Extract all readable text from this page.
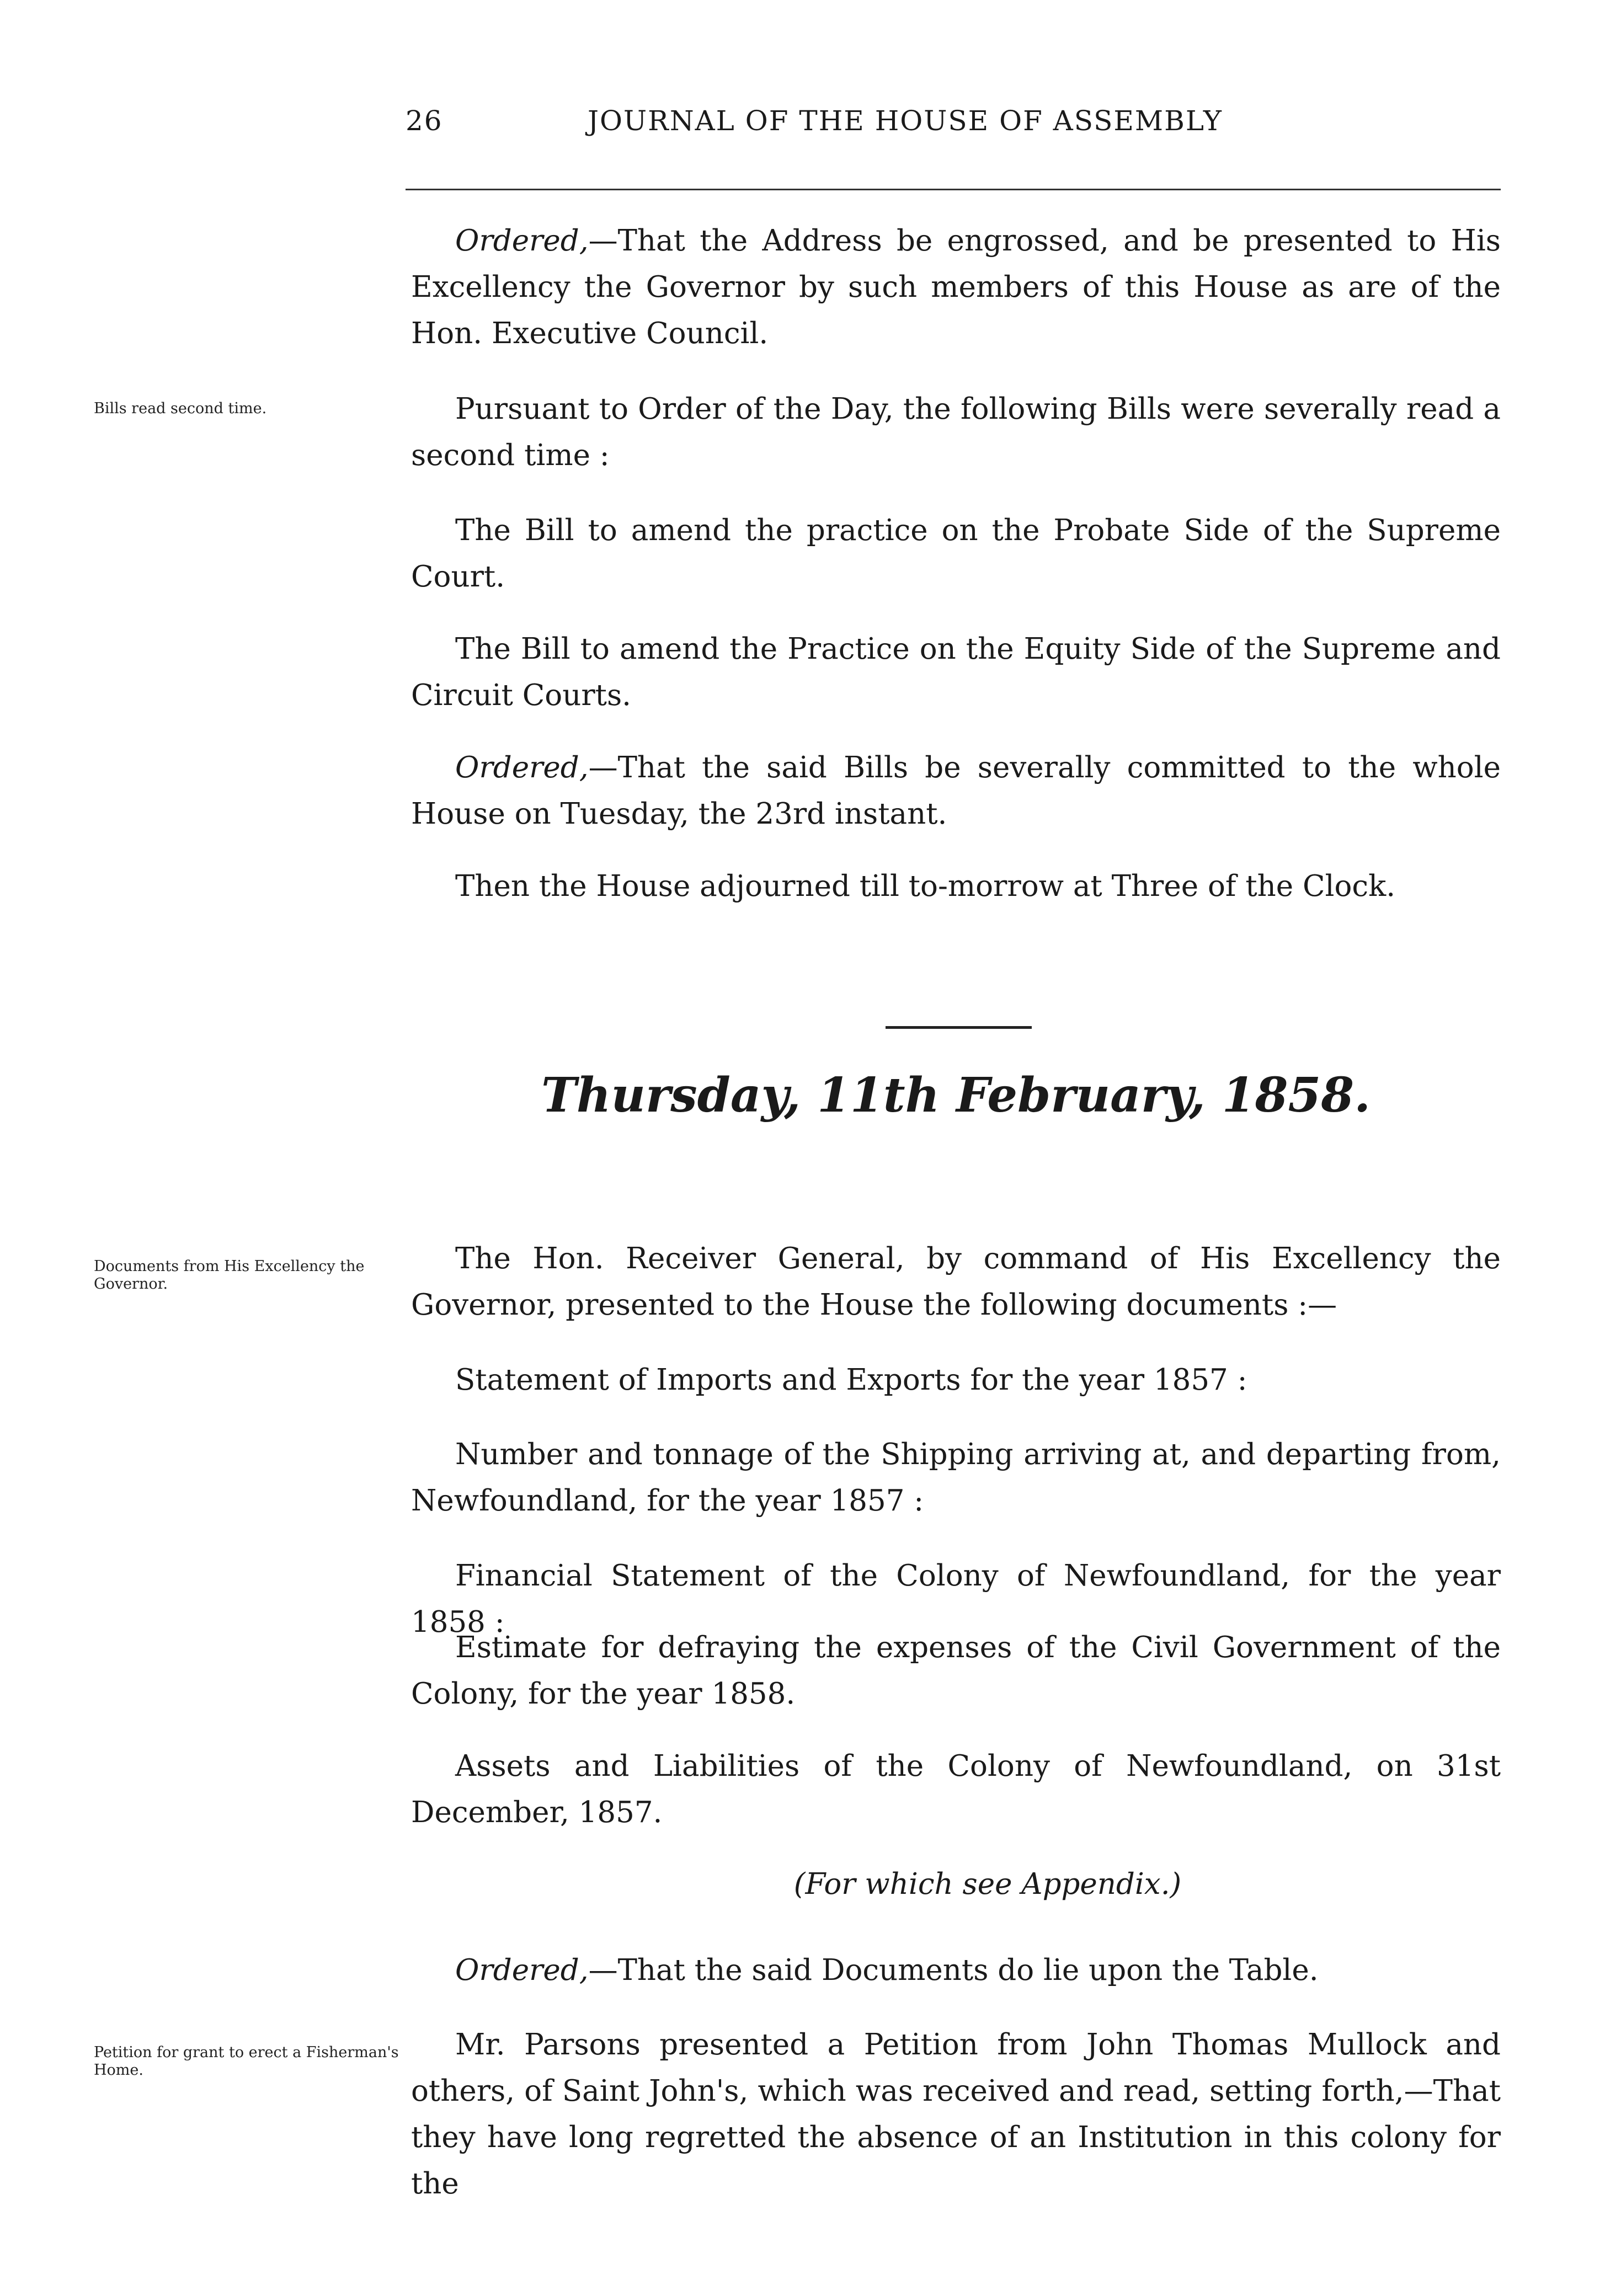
26	JOURNAL OF THE HOUSE OF ASSEMBLY
Ordered,—That the Address be engrossed, and be presented to His Excellency the Governor by such members of this House as are of the Hon. Executive Council.
Bills read second time.	Pursuant to Order of the Day, the following Bills were severally read a second time :
The Bill to amend the practice on the Probate Side of the Supreme Court.
The Bill to amend the Practice on the Equity Side of the Supreme and Circuit Courts.
Ordered,—That the said Bills be severally committed to the whole House on Tuesday, the 23rd instant.
Then the House adjourned till to-morrow at Three of the Clock.
Thursday, 11th February, 1858.
Documents from His Excellency the Governor.
The Hon. Receiver General, by command of His Excellency the Governor, presented to the House the following documents :—
Statement of Imports and Exports for the year 1857 :
Number and tonnage of the Shipping arriving at, and departing from, Newfoundland, for the year 1857 :
Financial Statement of the Colony of Newfoundland, for the year 1858 :
Estimate for defraying the expenses of the Civil Government of the Colony, for the year 1858.
Assets and Liabilities of the Colony of Newfoundland, on 31st December, 1857.
(For which see Appendix.)
Ordered,—That the said Documents do lie upon the Table.
Petition for grant to erect a Fisherman's Home.
Mr. Parsons presented a Petition from John Thomas Mullock and others, of Saint John's, which was received and read, setting forth,—That they have long regretted the absence of an Institution in this colony for the
